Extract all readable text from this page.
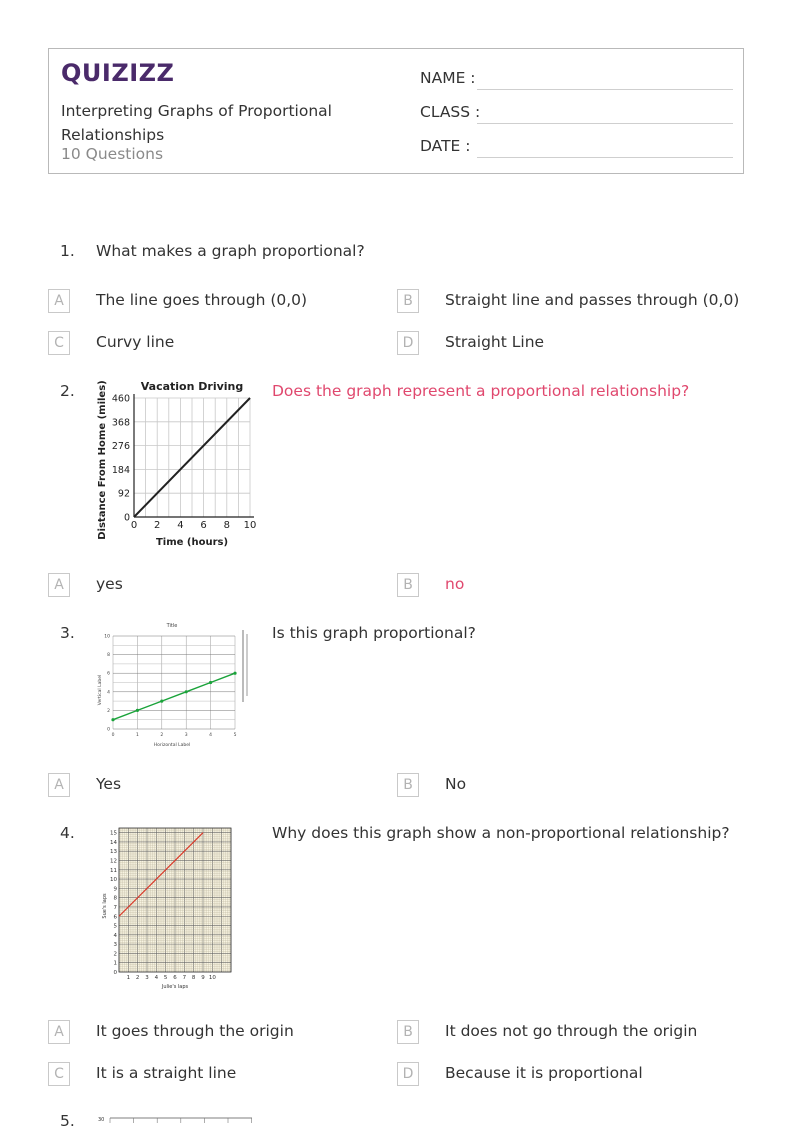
QUIZIZZ
Interpreting Graphs of Proportional Relationships
10 Questions
NAME :
CLASS :
DATE :
1. What makes a graph proportional?
A	The line goes through (0,0)	B	Straight line and passes through (0,0)
C	Curvy line	D	Straight Line
2.	Does the graph represent a proportional relationship?
Vacation Driving
Distance From Home (miles)
Time (hours)
0 2 4 6 8 10
0
92
184
276
368
460
A	yes	B	no
3.	Is this graph proportional?
Title
Vertical Label
Horizontal Label
0	1	2	3	4	5
0
2
4
6
8
10
A	Yes	B	No
4.	Why does this graph show a non-proportional relationship?
1 2 3 4 5 6 7 8 9 10
0
1
2
3
4
5
6
7
8
9
10
11
12
13
14
15
Sue's laps
Julie's laps
A	It goes through the origin	B	It does not go through the origin
C	It is a straight line	D	Because it is proportional
5.	30
